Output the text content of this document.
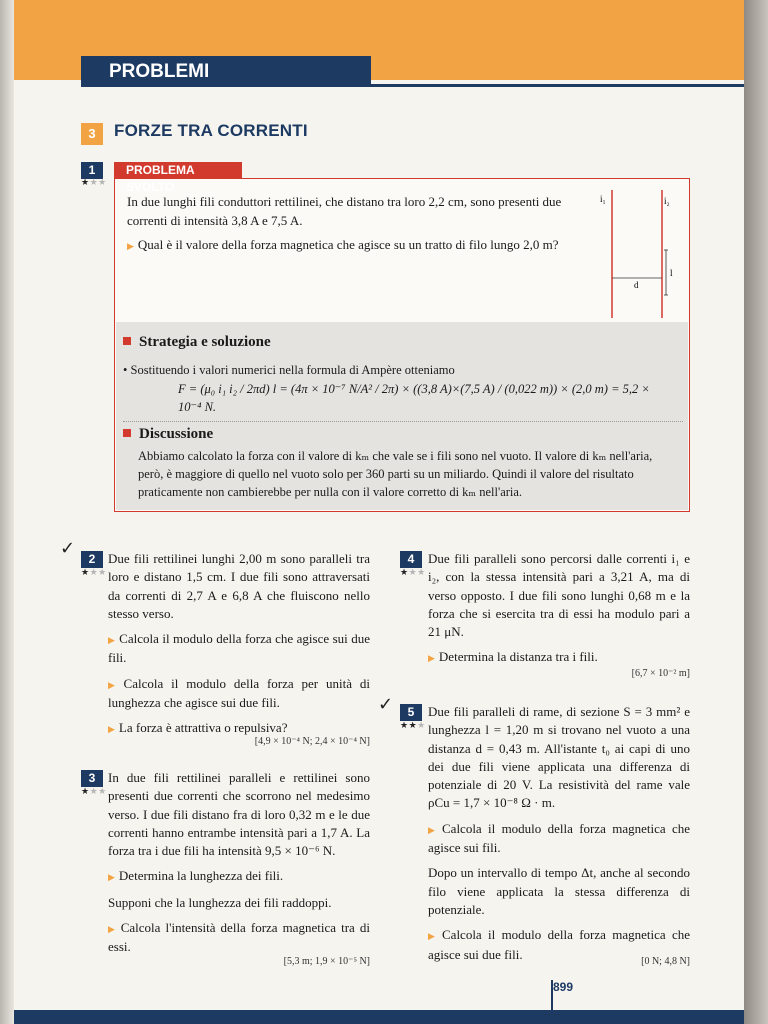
PROBLEMI
3	FORZE TRA CORRENTI
1
★★★
PROBLEMA SVOLTO
In due lunghi fili conduttori rettilinei, che distano tra loro 2,2 cm, sono presenti due correnti di intensità 3,8 A e 7,5 A.
▶ Qual è il valore della forza magnetica che agisce su un tratto di filo lungo 2,0 m?
i₁	i₂
d
l
Strategia e soluzione
• Sostituendo i valori numerici nella formula di Ampère otteniamo
F = (μ₀ i₁ i₂ / 2πd) l = (4π × 10⁻⁷ N/A² / 2π) × ((3,8 A)×(7,5 A) / (0,022 m)) × (2,0 m) = 5,2 × 10⁻⁴ N.
Discussione
Abbiamo calcolato la forza con il valore di kₘ che vale se i fili sono nel vuoto. Il valore di kₘ nell'aria, però, è maggiore di quello nel vuoto solo per 360 parti su un miliardo. Quindi il valore del risultato praticamente non cambierebbe per nulla con il valore corretto di kₘ nell'aria.
✓	2
★★★

Due fili rettilinei lunghi 2,00 m sono paralleli tra loro e distano 1,5 cm. I due fili sono attraversati da correnti di 2,7 A e 6,8 A che fluiscono nello stesso verso.

▶ Calcola il modulo della forza che agisce sui due fili.

▶ Calcola il modulo della forza per unità di lunghezza che agisce sui due fili.

▶ La forza è attrattiva o repulsiva?

[4,9 × 10⁻⁴ N; 2,4 × 10⁻⁴ N]
3
★★★

In due fili rettilinei paralleli e rettilinei sono presenti due correnti che scorrono nel medesimo verso. I due fili distano fra di loro 0,32 m e le due correnti hanno entrambe intensità pari a 1,7 A. La forza tra i due fili ha intensità 9,5 × 10⁻⁶ N.

▶ Determina la lunghezza dei fili.

Supponi che la lunghezza dei fili raddoppi.

▶ Calcola l'intensità della forza magnetica tra di essi.

[5,3 m; 1,9 × 10⁻⁵ N]
4
★★★

Due fili paralleli sono percorsi dalle correnti i₁ e i₂, con la stessa intensità pari a 3,21 A, ma di verso opposto. I due fili sono lunghi 0,68 m e la forza che si esercita tra di essi ha modulo pari a 21 μN.

▶ Determina la distanza tra i fili.

[6,7 × 10⁻² m]
✓	5
★★★

Due fili paralleli di rame, di sezione S = 3 mm² e lunghezza l = 1,20 m si trovano nel vuoto a una distanza d = 0,43 m. All'istante t₀ ai capi di uno dei due fili viene applicata una differenza di potenziale di 20 V. La resistività del rame vale ρCu = 1,7 × 10⁻⁸ Ω · m.

▶ Calcola il modulo della forza magnetica che agisce sui fili.

Dopo un intervallo di tempo Δt, anche al secondo filo viene applicata la stessa differenza di potenziale.

▶ Calcola il modulo della forza magnetica che agisce sui due fili.	[0 N; 4,8 N]
899
